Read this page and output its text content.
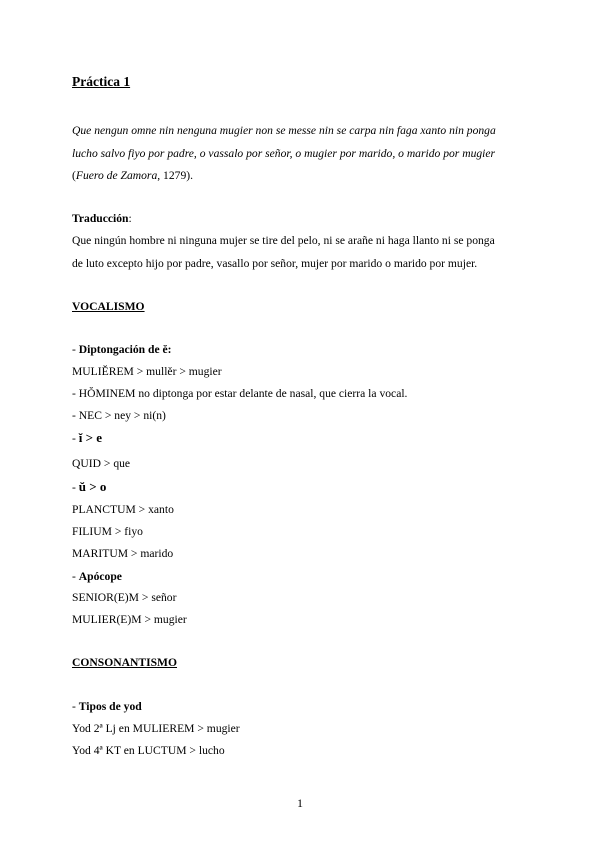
Práctica 1
Que nengun omne nin nenguna mugier non se messe nin se carpa nin faga xanto nin ponga
lucho salvo fiyo por padre, o vassalo por señor, o mugier por marido, o marido por mugier
(Fuero de Zamora, 1279).
Traducción:
Que ningún hombre ni ninguna mujer se tire del pelo, ni se arañe ni haga llanto ni se ponga
de luto excepto hijo por padre, vasallo por señor, mujer por marido o marido por mujer.
VOCALISMO
- Diptongación de ĕ:
MULIĔREM > mullěr > mugier
- HŎMINEM no diptonga por estar delante de nasal, que cierra la vocal.
- NEC > ney > ni(n)
- ĭ > e
QUID > que
- ŭ > o
PLANCTUM > xanto
FILIUM > fiyo
MARITUM > marido
- Apócope
SENIOR(E)M > señor
MULIER(E)M > mugier
CONSONANTISMO
- Tipos de yod
Yod 2ª Lj en MULIEREM > mugier
Yod 4ª KT en LUCTUM > lucho
1
